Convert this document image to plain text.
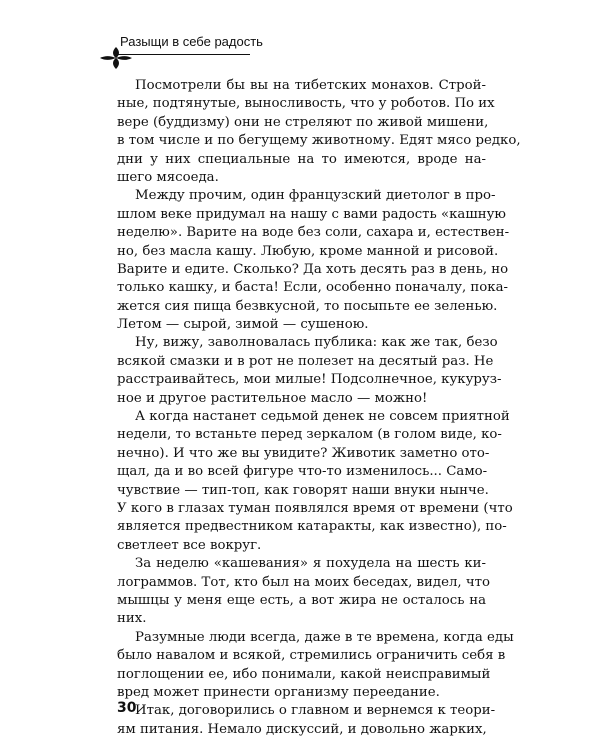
Разыщи в себе радость
Посмотрели бы вы на тибетских монахов. Строй-
ные, подтянутые, выносливость, что у роботов. По их
вере (буддизму) они не стреляют по живой мишени,
в том числе и по бегущему животному. Едят мясо редко,
дни у них специальные на то имеются, вроде на-
шего мясоеда.
Между прочим, один французский диетолог в про-
шлом веке придумал на нашу с вами радость «кашную
неделю». Варите на воде без соли, сахара и, естествен-
но, без масла кашу. Любую, кроме манной и рисовой.
Варите и едите. Сколько? Да хоть десять раз в день, но
только кашку, и баста! Если, особенно поначалу, пока-
жется сия пища безвкусной, то посыпьте ее зеленью.
Летом — сырой, зимой — сушеною.
Ну, вижу, заволновалась публика: как же так, безо
всякой смазки и в рот не полезет на десятый раз. Не
расстраивайтесь, мои милые! Подсолнечное, кукуруз-
ное и другое растительное масло — можно!
А когда настанет седьмой денек не совсем приятной
недели, то встаньте перед зеркалом (в голом виде, ко-
нечно). И что же вы увидите? Животик заметно ото-
щал, да и во всей фигуре что-то изменилось... Само-
чувствие — тип-топ, как говорят наши внуки нынче.
У кого в глазах туман появлялся время от времени (что
является предвестником катаракты, как известно), по-
светлеет все вокруг.
За неделю «кашевания» я похудела на шесть ки-
лограммов. Тот, кто был на моих беседах, видел, что
мышцы у меня еще есть, а вот жира не осталось на
них.
Разумные люди всегда, даже в те времена, когда еды
было навалом и всякой, стремились ограничить себя в
поглощении ее, ибо понимали, какой неисправимый
вред может принести организму переедание.
Итак, договорились о главном и вернемся к теори-
ям питания. Немало дискуссий, и довольно жарких,
30
